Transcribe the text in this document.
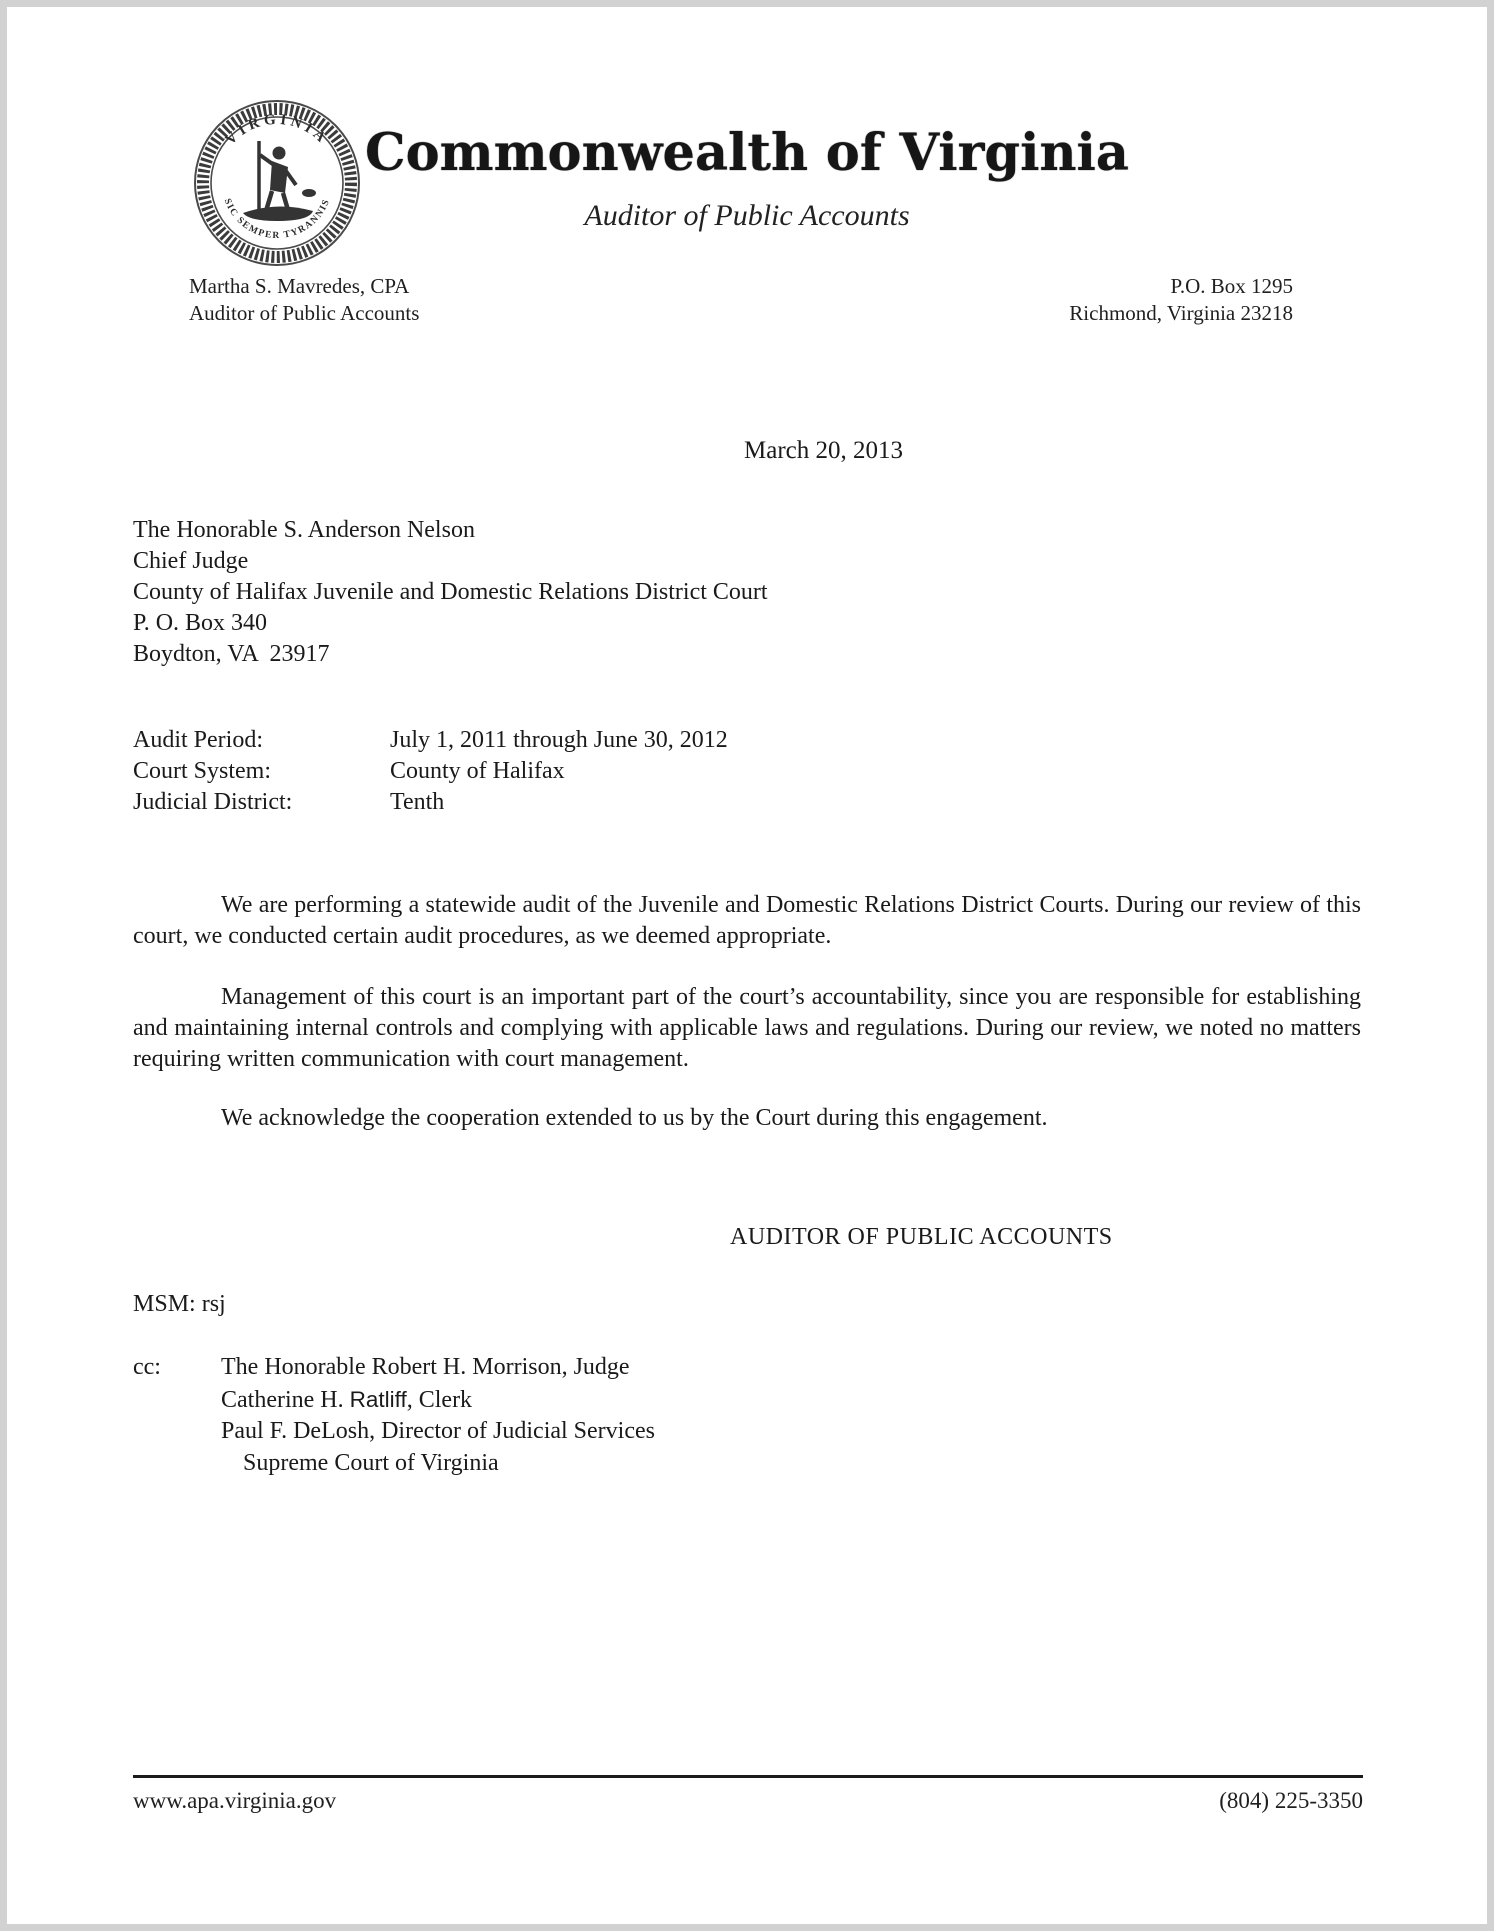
VIRGINIA
SIC SEMPER TYRANNIS
Commonwealth of Virginia
Auditor of Public Accounts
Martha S. Mavredes, CPA
Auditor of Public Accounts
P.O. Box 1295
Richmond, Virginia 23218
March 20, 2013
The Honorable S. Anderson Nelson
Chief Judge
County of Halifax Juvenile and Domestic Relations District Court
P. O. Box 340
Boydton, VA  23917
Audit Period:	July 1, 2011 through June 30, 2012
Court System:	County of Halifax
Judicial District:	Tenth

We are performing a statewide audit of the Juvenile and Domestic Relations District Courts. During our review of this court, we conducted certain audit procedures, as we deemed appropriate.

Management of this court is an important part of the court’s accountability, since you are responsible for establishing and maintaining internal controls and complying with applicable laws and regulations. During our review, we noted no matters requiring written communication with court management.

We acknowledge the cooperation extended to us by the Court during this engagement.

AUDITOR OF PUBLIC ACCOUNTS
MSM: rsj
cc:	The Honorable Robert H. Morrison, Judge
Catherine H. Ratliff, Clerk
Paul F. DeLosh, Director of Judicial Services
Supreme Court of Virginia
www.apa.virginia.gov	(804) 225-3350
